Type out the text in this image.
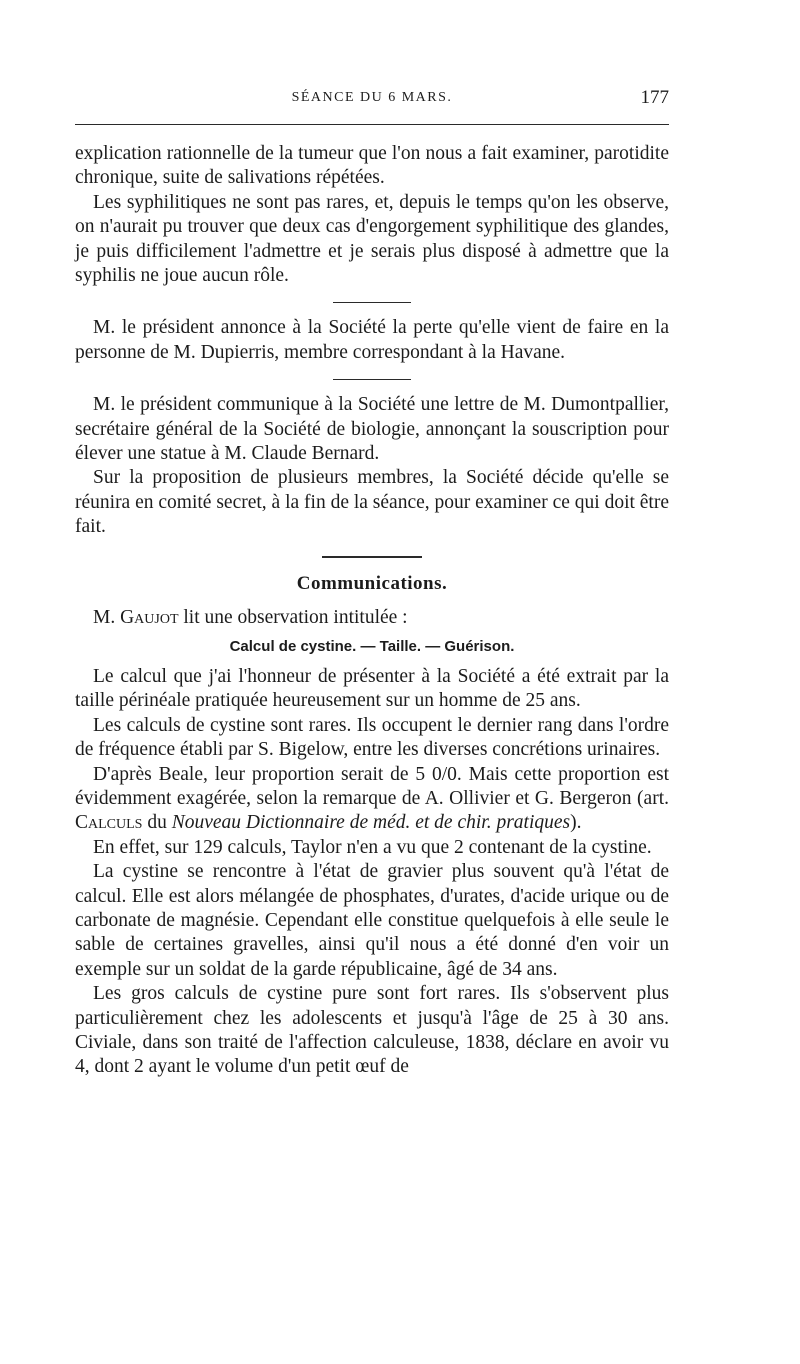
SÉANCE DU 6 MARS.	177

explication rationnelle de la tumeur que l'on nous a fait examiner, parotidite chronique, suite de salivations répétées.

Les syphilitiques ne sont pas rares, et, depuis le temps qu'on les observe, on n'aurait pu trouver que deux cas d'engorgement syphilitique des glandes, je puis difficilement l'admettre et je serais plus disposé à admettre que la syphilis ne joue aucun rôle.

M. le président annonce à la Société la perte qu'elle vient de faire en la personne de M. Dupierris, membre correspondant à la Havane.

M. le président communique à la Société une lettre de M. Dumontpallier, secrétaire général de la Société de biologie, annonçant la souscription pour élever une statue à M. Claude Bernard.

Sur la proposition de plusieurs membres, la Société décide qu'elle se réunira en comité secret, à la fin de la séance, pour examiner ce qui doit être fait.

Communications.

M. Gaujot lit une observation intitulée :

Calcul de cystine. — Taille. — Guérison.

Le calcul que j'ai l'honneur de présenter à la Société a été extrait par la taille périnéale pratiquée heureusement sur un homme de 25 ans.

Les calculs de cystine sont rares. Ils occupent le dernier rang dans l'ordre de fréquence établi par S. Bigelow, entre les diverses concrétions urinaires.

D'après Beale, leur proportion serait de 5 0/0. Mais cette proportion est évidemment exagérée, selon la remarque de A. Ollivier et G. Bergeron (art. Calculs du Nouveau Dictionnaire de méd. et de chir. pratiques).

En effet, sur 129 calculs, Taylor n'en a vu que 2 contenant de la cystine.

La cystine se rencontre à l'état de gravier plus souvent qu'à l'état de calcul. Elle est alors mélangée de phosphates, d'urates, d'acide urique ou de carbonate de magnésie. Cependant elle constitue quelquefois à elle seule le sable de certaines gravelles, ainsi qu'il nous a été donné d'en voir un exemple sur un soldat de la garde républicaine, âgé de 34 ans.

Les gros calculs de cystine pure sont fort rares. Ils s'observent plus particulièrement chez les adolescents et jusqu'à l'âge de 25 à 30 ans. Civiale, dans son traité de l'affection calculeuse, 1838, déclare en avoir vu 4, dont 2 ayant le volume d'un petit œuf de
